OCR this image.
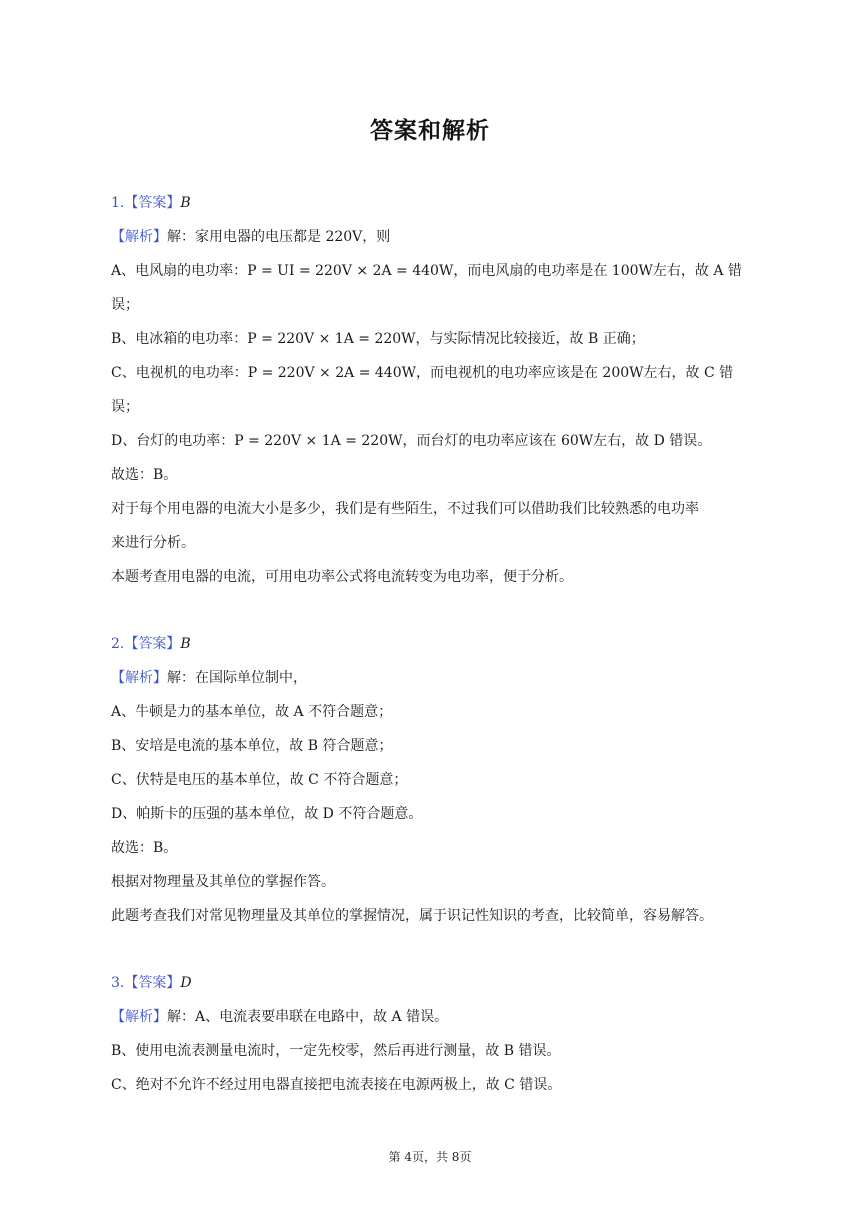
答案和解析
1.【答案】B
【解析】解：家用电器的电压都是 220V，则
A、电风扇的电功率：P = UI = 220V × 2A = 440W，而电风扇的电功率是在 100W左右，故 A 错
误；
B、电冰箱的电功率：P = 220V × 1A = 220W，与实际情况比较接近，故 B 正确；
C、电视机的电功率：P = 220V × 2A = 440W，而电视机的电功率应该是在 200W左右，故 C 错
误；
D、台灯的电功率：P = 220V × 1A = 220W，而台灯的电功率应该在 60W左右，故 D 错误。
故选：B。
对于每个用电器的电流大小是多少，我们是有些陌生，不过我们可以借助我们比较熟悉的电功率
来进行分析。
本题考查用电器的电流，可用电功率公式将电流转变为电功率，便于分析。
2.【答案】B
【解析】解：在国际单位制中，
A、牛顿是力的基本单位，故 A 不符合题意；
B、安培是电流的基本单位，故 B 符合题意；
C、伏特是电压的基本单位，故 C 不符合题意；
D、帕斯卡的压强的基本单位，故 D 不符合题意。
故选：B。
根据对物理量及其单位的掌握作答。
此题考查我们对常见物理量及其单位的掌握情况，属于识记性知识的考查，比较简单，容易解答。
3.【答案】D
【解析】解：A、电流表要串联在电路中，故 A 错误。
B、使用电流表测量电流时，一定先校零，然后再进行测量，故 B 错误。
C、绝对不允许不经过用电器直接把电流表接在电源两极上，故 C 错误。
第 4页，共 8页
